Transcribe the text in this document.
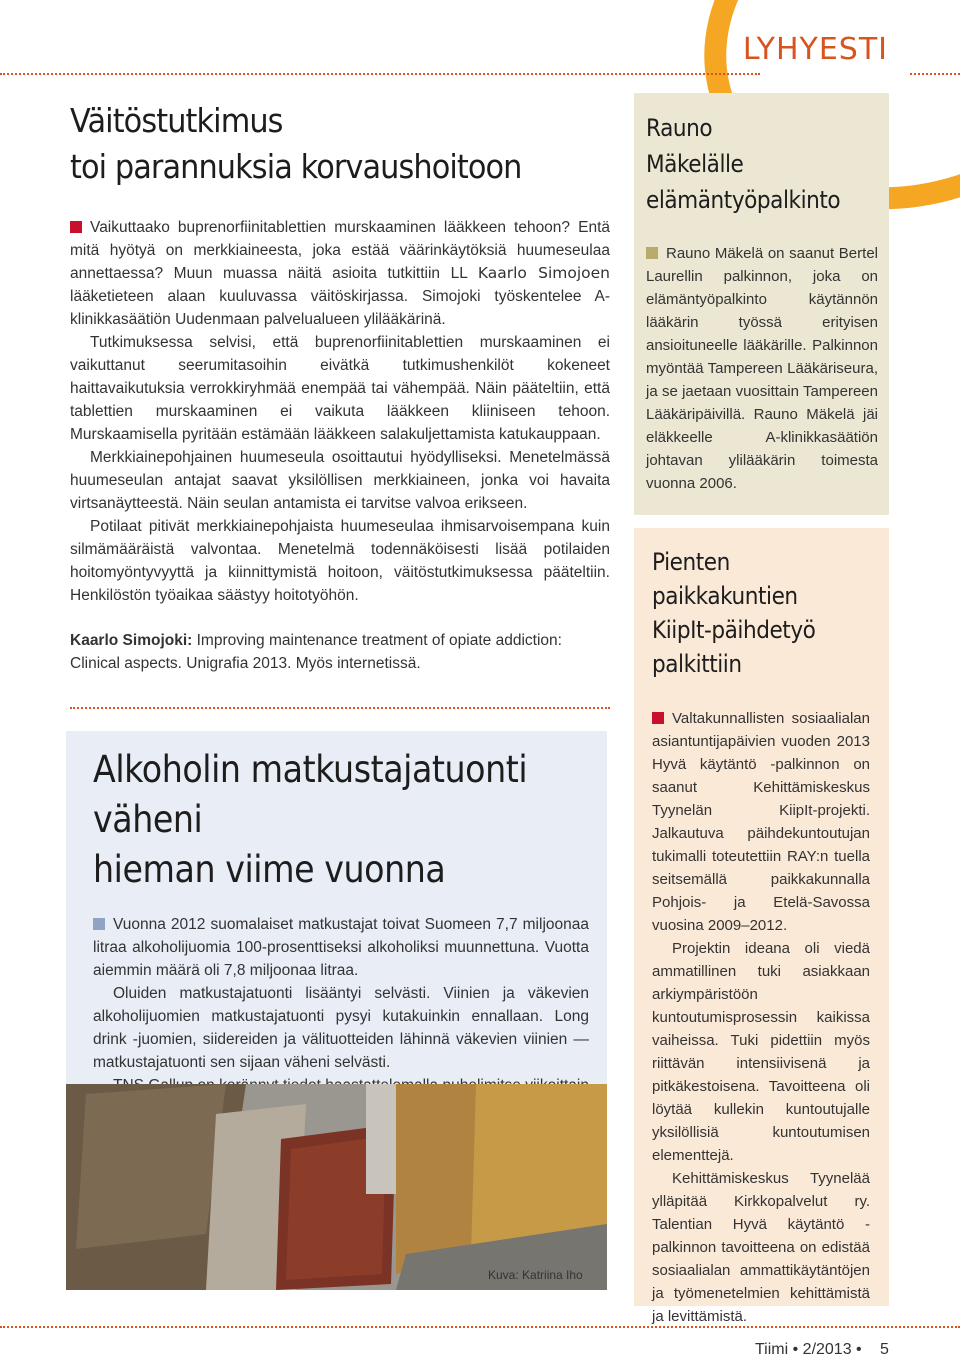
LYHYESTI
Väitöstutkimus
toi parannuksia korvaushoitoon

Vaikuttaako buprenorfiinitablettien murskaaminen lääkkeen tehoon? Entä mitä hyötyä on merkkiaineesta, joka estää väärinkäytöksiä huumeseulaa annettaessa? Muun muassa näitä asioita tutkittiin LL Kaarlo Simojoen lääketieteen alaan kuuluvassa väitöskirjassa. Simojoki työskentelee A-klinikkasäätiön Uudenmaan palvelualueen ylilääkärinä.

Tutkimuksessa selvisi, että buprenorfiinitablettien murskaaminen ei vaikuttanut seerumitasoihin eivätkä tutkimushenkilöt kokeneet haittavaikutuksia verrokkiryhmää enempää tai vähempää. Näin pääteltiin, että tablettien murskaaminen ei vaikuta lääkkeen kliiniseen tehoon. Murskaamisella pyritään estämään lääkkeen salakuljettamista katukauppaan.

Merkkiainepohjainen huumeseula osoittautui hyödylliseksi. Menetelmässä huumeseulan antajat saavat yksilöllisen merkkiaineen, jonka voi havaita virtsanäytteestä. Näin seulan antamista ei tarvitse valvoa erikseen.

Potilaat pitivät merkkiainepohjaista huumeseulaa ihmisarvoisempana kuin silmämääräistä valvontaa. Menetelmä todennäköisesti lisää potilaiden hoitomyöntyvyyttä ja kiinnittymistä hoitoon, väitöstutkimuksessa pääteltiin. Henkilöstön työaikaa säästyy hoitotyöhön.

Kaarlo Simojoki: Improving maintenance treatment of opiate addiction: Clinical aspects. Unigrafia 2013. Myös internetissä.
Alkoholin matkustajatuonti väheni
hieman viime vuonna

Vuonna 2012 suomalaiset matkustajat toivat Suomeen 7,7 miljoonaa litraa alkoholijuomia 100-prosenttiseksi alkoholiksi muunnettuna. Vuotta aiemmin määrä oli 7,8 miljoonaa litraa.

Oluiden matkustajatuonti lisääntyi selvästi. Viinien ja väkevien alkoholijuomien matkustajatuonti pysyi kutakuinkin ennallaan. Long drink -juomien, siidereiden ja välituotteiden lähinnä väkevien viinien — matkustajatuonti sen sijaan väheni selvästi.

Kuva: Katriina Iho
Rauno
Mäkelälle
elämäntyöpalkinto

Rauno Mäkelä on saanut Bertel Laurellin palkinnon, joka on elämäntyöpalkinto käytännön lääkärin työssä erityisen ansioituneelle lääkärille. Palkinnon myöntää Tampereen Lääkäriseura, ja se jaetaan vuosittain Tampereen Lääkäripäivillä. Rauno Mäkelä jäi eläkkeelle A-klinikkasäätiön johtavan ylilääkärin toimesta vuonna 2006.

Pienten paikkakuntien
KiipIt-päihdetyö
palkittiin

Valtakunnallisten sosiaalialan asiantuntijapäivien vuoden 2013 Hyvä käytäntö -palkinnon on saanut Kehittämiskeskus Tyynelän KiipIt-projekti. Jalkautuva päihdekuntoutujan tukimalli toteutettiin RAY:n tuella seitsemällä paikkakunnalla Pohjois- ja Etelä-Savossa vuosina 2009–2012.

Projektin ideana oli viedä ammatillinen tuki asiakkaan arkiympäristöön kuntoutumisprosessin kaikissa vaiheissa. Tuki pidettiin myös riittävän intensiivisenä ja pitkäkestoisena. Tavoitteena oli löytää kullekin kuntoutujalle yksilöllisiä kuntoutumisen elementtejä.

Kehittämiskeskus Tyynelää ylläpitää Kirkkopalvelut ry. Talentian Hyvä käytäntö -palkinnon tavoitteena on edistää sosiaalialan ammattikäytäntöjen ja työmenetelmien kehittämistä ja levittämistä.

Tiimi • 2/2013 • 5
